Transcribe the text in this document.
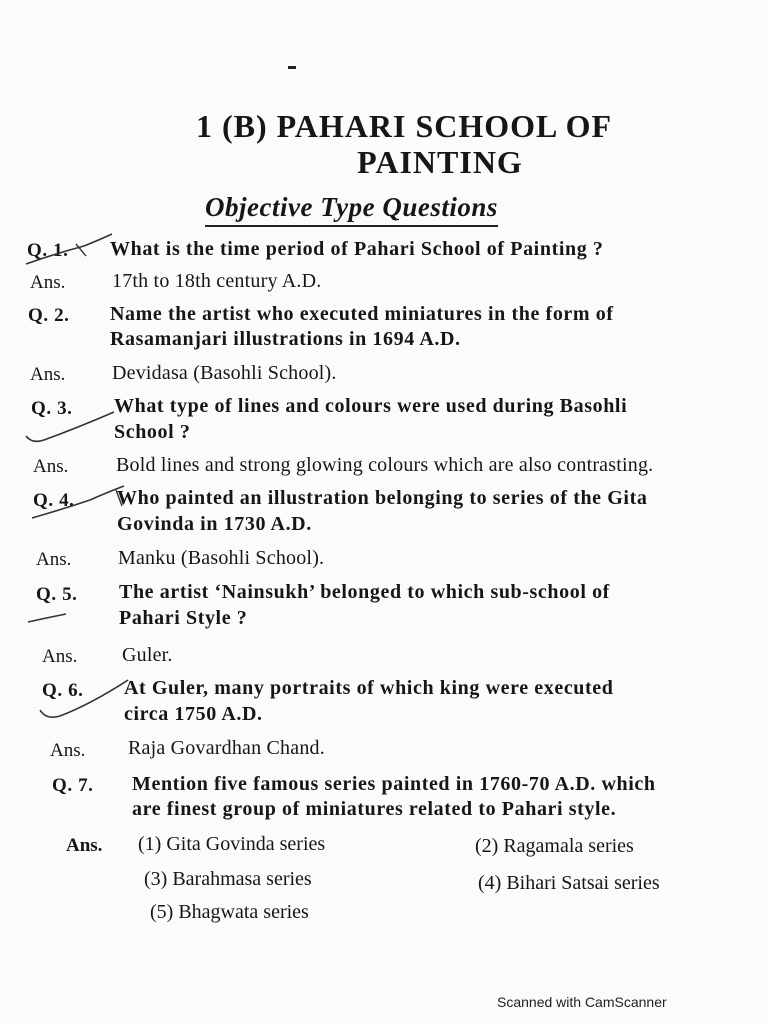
1 (B) PAHARI SCHOOL OF
PAINTING
Objective Type Questions
Q. 1. What is the time period of Pahari School of Painting ?
Ans. 17th to 18th century A.D.
Q. 2. Name the artist who executed miniatures in the form of
Rasamanjari illustrations in 1694 A.D.
Ans. Devidasa (Basohli School).
Q. 3. What type of lines and colours were used during Basohli
School ?
Ans. Bold lines and strong glowing colours which are also contrasting.
Q. 4. Who painted an illustration belonging to series of the Gita
Govinda in 1730 A.D.
Ans. Manku (Basohli School).
Q. 5. The artist ‘Nainsukh’ belonged to which sub-school of
Pahari Style ?
Ans. Guler.
Q. 6. At Guler, many portraits of which king were executed
circa 1750 A.D.
Ans. Raja Govardhan Chand.
Q. 7. Mention five famous series painted in 1760-70 A.D. which
are finest group of miniatures related to Pahari style.
Ans. (1) Gita Govinda series	(2) Ragamala series
(3) Barahmasa series	(4) Bihari Satsai series
(5) Bhagwata series
Scanned with CamScanner
